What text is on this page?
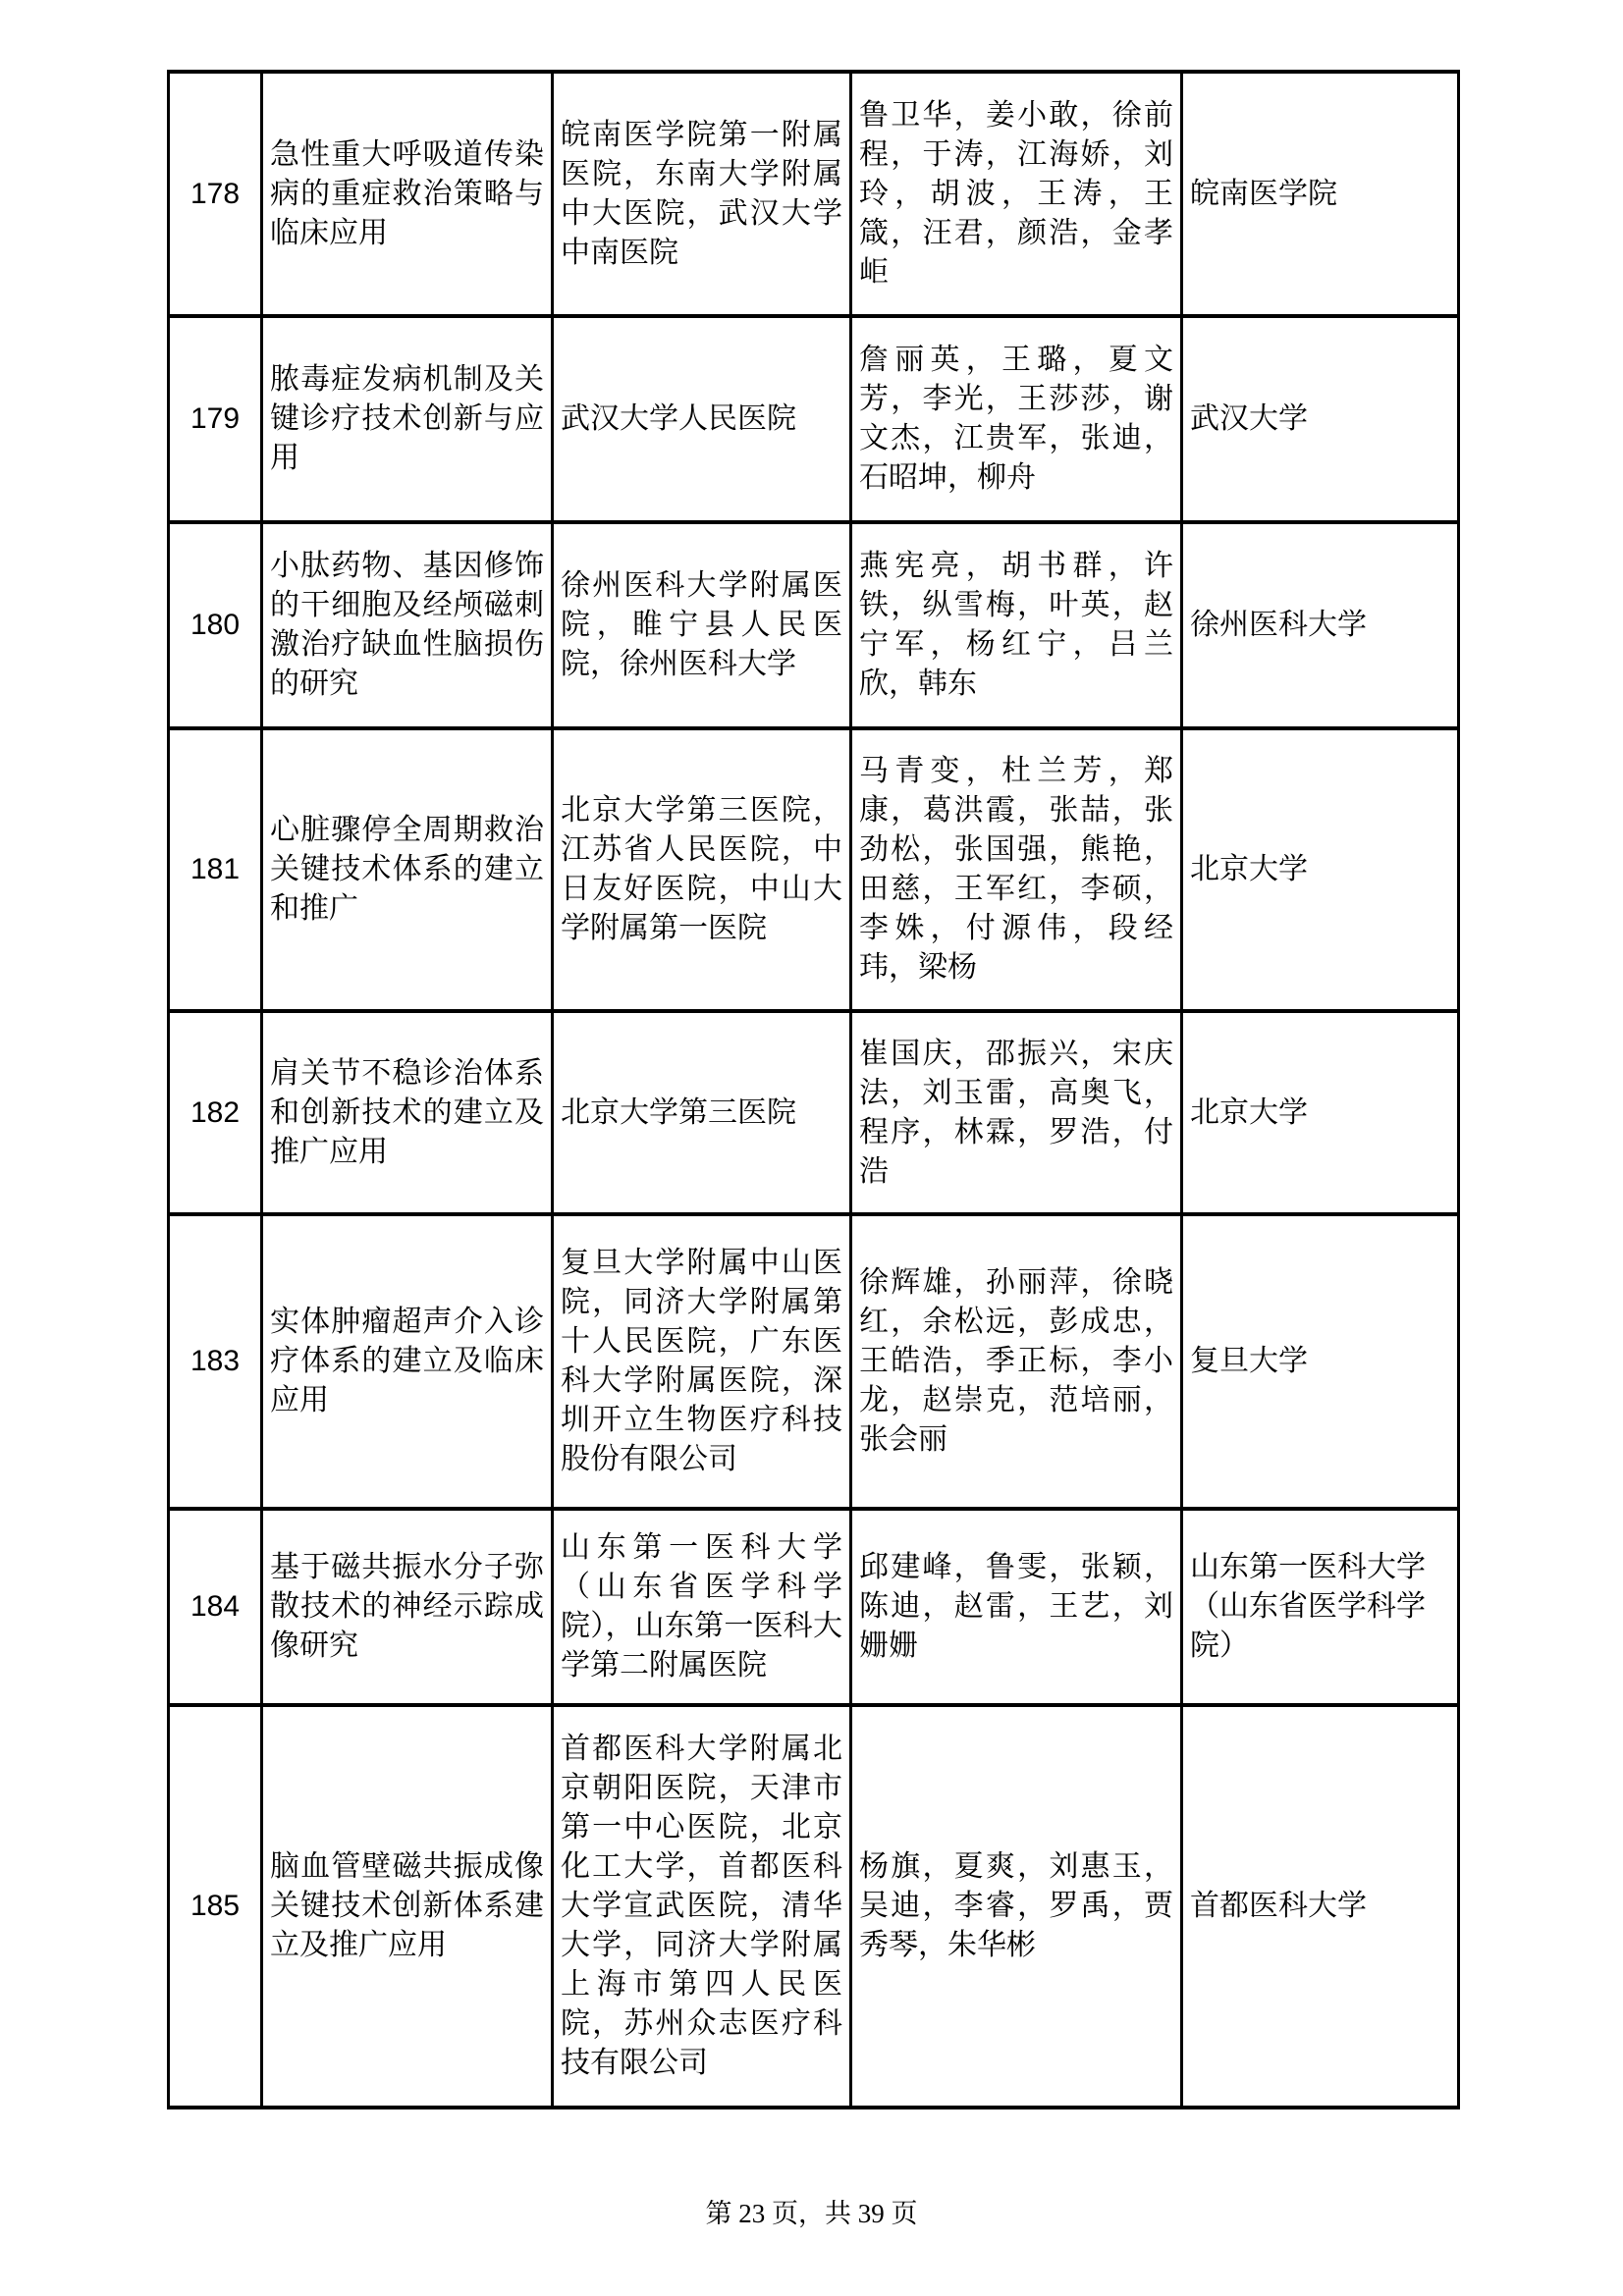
178	急性重大呼吸道传染病的重症救治策略与临床应用	皖南医学院第一附属医院，东南大学附属中大医院，武汉大学中南医院	鲁卫华，姜小敢，徐前程，于涛，江海娇，刘玲，胡波，王涛，王箴，汪君，颜浩，金孝岠	皖南医学院
179	脓毒症发病机制及关键诊疗技术创新与应用	武汉大学人民医院	詹丽英，王璐，夏文芳，李光，王莎莎，谢文杰，江贵军，张迪，石昭坤，柳舟	武汉大学
180	小肽药物、基因修饰的干细胞及经颅磁刺激治疗缺血性脑损伤的研究	徐州医科大学附属医院，睢宁县人民医院，徐州医科大学	燕宪亮，胡书群，许铁，纵雪梅，叶英，赵宁军，杨红宁，吕兰欣，韩东	徐州医科大学
181	心脏骤停全周期救治关键技术体系的建立和推广	北京大学第三医院，江苏省人民医院，中日友好医院，中山大学附属第一医院	马青变，杜兰芳，郑康，葛洪霞，张喆，张劲松，张国强，熊艳，田慈，王军红，李硕，李姝，付源伟，段经玮，梁杨	北京大学
182	肩关节不稳诊治体系和创新技术的建立及推广应用	北京大学第三医院	崔国庆，邵振兴，宋庆法，刘玉雷，高奥飞，程序，林霖，罗浩，付浩	北京大学
183	实体肿瘤超声介入诊疗体系的建立及临床应用	复旦大学附属中山医院，同济大学附属第十人民医院，广东医科大学附属医院，深圳开立生物医疗科技股份有限公司	徐辉雄，孙丽萍，徐晓红，余松远，彭成忠，王皓浩，季正标，李小龙，赵崇克，范培丽，张会丽	复旦大学
184	基于磁共振水分子弥散技术的神经示踪成像研究	山东第一医科大学（山东省医学科学院），山东第一医科大学第二附属医院	邱建峰，鲁雯，张颖，陈迪，赵雷，王艺，刘姗姗	山东第一医科大学（山东省医学科学院）
185	脑血管壁磁共振成像关键技术创新体系建立及推广应用	首都医科大学附属北京朝阳医院，天津市第一中心医院，北京化工大学，首都医科大学宣武医院，清华大学，同济大学附属上海市第四人民医院，苏州众志医疗科技有限公司	杨旗，夏爽，刘惠玉，吴迪，李睿，罗禹，贾秀琴，朱华彬	首都医科大学
第 23 页，共 39 页
